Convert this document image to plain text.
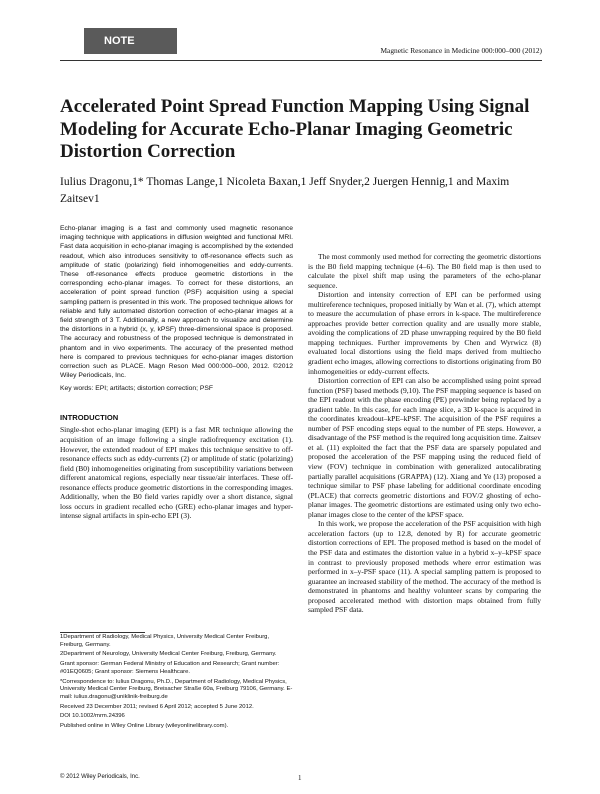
NOTE
Magnetic Resonance in Medicine 000:000–000 (2012)
Accelerated Point Spread Function Mapping Using Signal Modeling for Accurate Echo-Planar Imaging Geometric Distortion Correction

Iulius Dragonu,1* Thomas Lange,1 Nicoleta Baxan,1 Jeff Snyder,2 Juergen Hennig,1 and Maxim Zaitsev1

Echo-planar imaging is a fast and commonly used magnetic resonance imaging technique with applications in diffusion weighted and functional MRI. Fast data acquisition in echo-planar imaging is accomplished by the extended readout, which also introduces sensitivity to off-resonance effects such as amplitude of static (polarizing) field inhomogeneities and eddy-currents. These off-resonance effects produce geometric distortions in the corresponding echo-planar images. To correct for these distortions, an acceleration of point spread function (PSF) acquisition using a special sampling pattern is presented in this work. The proposed technique allows for reliable and fully automated distortion correction of echo-planar images at a field strength of 3 T. Additionally, a new approach to visualize and determine the distortions in a hybrid (x, y, kPSF) three-dimensional space is proposed. The accuracy and robustness of the proposed technique is demonstrated in phantom and in vivo experiments. The accuracy of the presented method here is compared to previous techniques for echo-planar images distortion correction such as PLACE. Magn Reson Med 000:000–000, 2012. ©2012 Wiley Periodicals, Inc.

Key words: EPI; artifacts; distortion correction; PSF

INTRODUCTION

Single-shot echo-planar imaging (EPI) is a fast MR technique allowing the acquisition of an image following a single radiofrequency excitation (1). However, the extended readout of EPI makes this technique sensitive to off-resonance effects such as eddy-currents (2) or amplitude of static (polarizing) field (B0) inhomogeneities originating from susceptibility variations between different anatomical regions, especially near tissue/air interfaces. These off-resonance effects produce geometric distortions in the corresponding images. Additionally, when the B0 field varies rapidly over a short distance, signal loss occurs in gradient recalled echo (GRE) echo-planar images and hyper-intense signal artifacts in spin-echo EPI (3).

The most commonly used method for correcting the geometric distortions is the B0 field mapping technique (4–6). The B0 field map is then used to calculate the pixel shift map using the parameters of the echo-planar sequence.

Distortion and intensity correction of EPI can be performed using multireference techniques, proposed initially by Wan et al. (7), which attempt to measure the accumulation of phase errors in k-space. The multireference approaches provide better correction quality and are usually more stable, avoiding the complications of 2D phase unwrapping required by the B0 field mapping techniques. Further improvements by Chen and Wyrwicz (8) evaluated local distortions using the field maps derived from multiecho gradient echo images, allowing corrections to distortions originating from B0 inhomogeneities or eddy-current effects.

Distortion correction of EPI can also be accomplished using point spread function (PSF) based methods (9,10). The PSF mapping sequence is based on the EPI readout with the phase encoding (PE) prewinder being replaced by a gradient table. In this case, for each image slice, a 3D k-space is acquired in the coordinates kreadout–kPE–kPSF. The acquisition of the PSF requires a number of PSF encoding steps equal to the number of PE steps. However, a disadvantage of the PSF method is the required long acquisition time. Zaitsev et al. (11) exploited the fact that the PSF data are sparsely populated and proposed the acceleration of the PSF mapping using the reduced field of view (FOV) technique in combination with generalized autocalibrating partially parallel acquisitions (GRAPPA) (12). Xiang and Ye (13) proposed a technique similar to PSF phase labeling for additional coordinate encoding (PLACE) that corrects geometric distortions and FOV/2 ghosting of echo-planar images. The geometric distortions are estimated using only two echo-planar images close to the center of the kPSF space.

In this work, we propose the acceleration of the PSF acquisition with high acceleration factors (up to 12.8, denoted by R) for accurate geometric distortion corrections of EPI. The proposed method is based on the model of the PSF data and estimates the distortion value in a hybrid x–y–kPSF space in contrast to previously proposed methods where error estimation was performed in x–y-PSF space (11). A special sampling pattern is proposed to guarantee an increased stability of the method. The accuracy of the method is demonstrated in phantoms and healthy volunteer scans by comparing the proposed accelerated method with distortion maps obtained from fully sampled PSF data.

1Department of Radiology, Medical Physics, University Medical Center Freiburg, Freiburg, Germany.

2Department of Neurology, University Medical Center Freiburg, Freiburg, Germany.

Grant sponsor: German Federal Ministry of Education and Research; Grant number: #01EQ0605; Grant sponsor: Siemens Healthcare.

*Correspondence to: Iulius Dragonu, Ph.D., Department of Radiology, Medical Physics, University Medical Center Freiburg, Breisacher Straße 60a, Freiburg 79106, Germany. E-mail: iulius.dragonu@uniklinik-freiburg.de

Received 23 December 2011; revised 6 April 2012; accepted 5 June 2012.

DOI 10.1002/mrm.24396

Published online in Wiley Online Library (wileyonlinelibrary.com).

© 2012 Wiley Periodicals, Inc.	1
